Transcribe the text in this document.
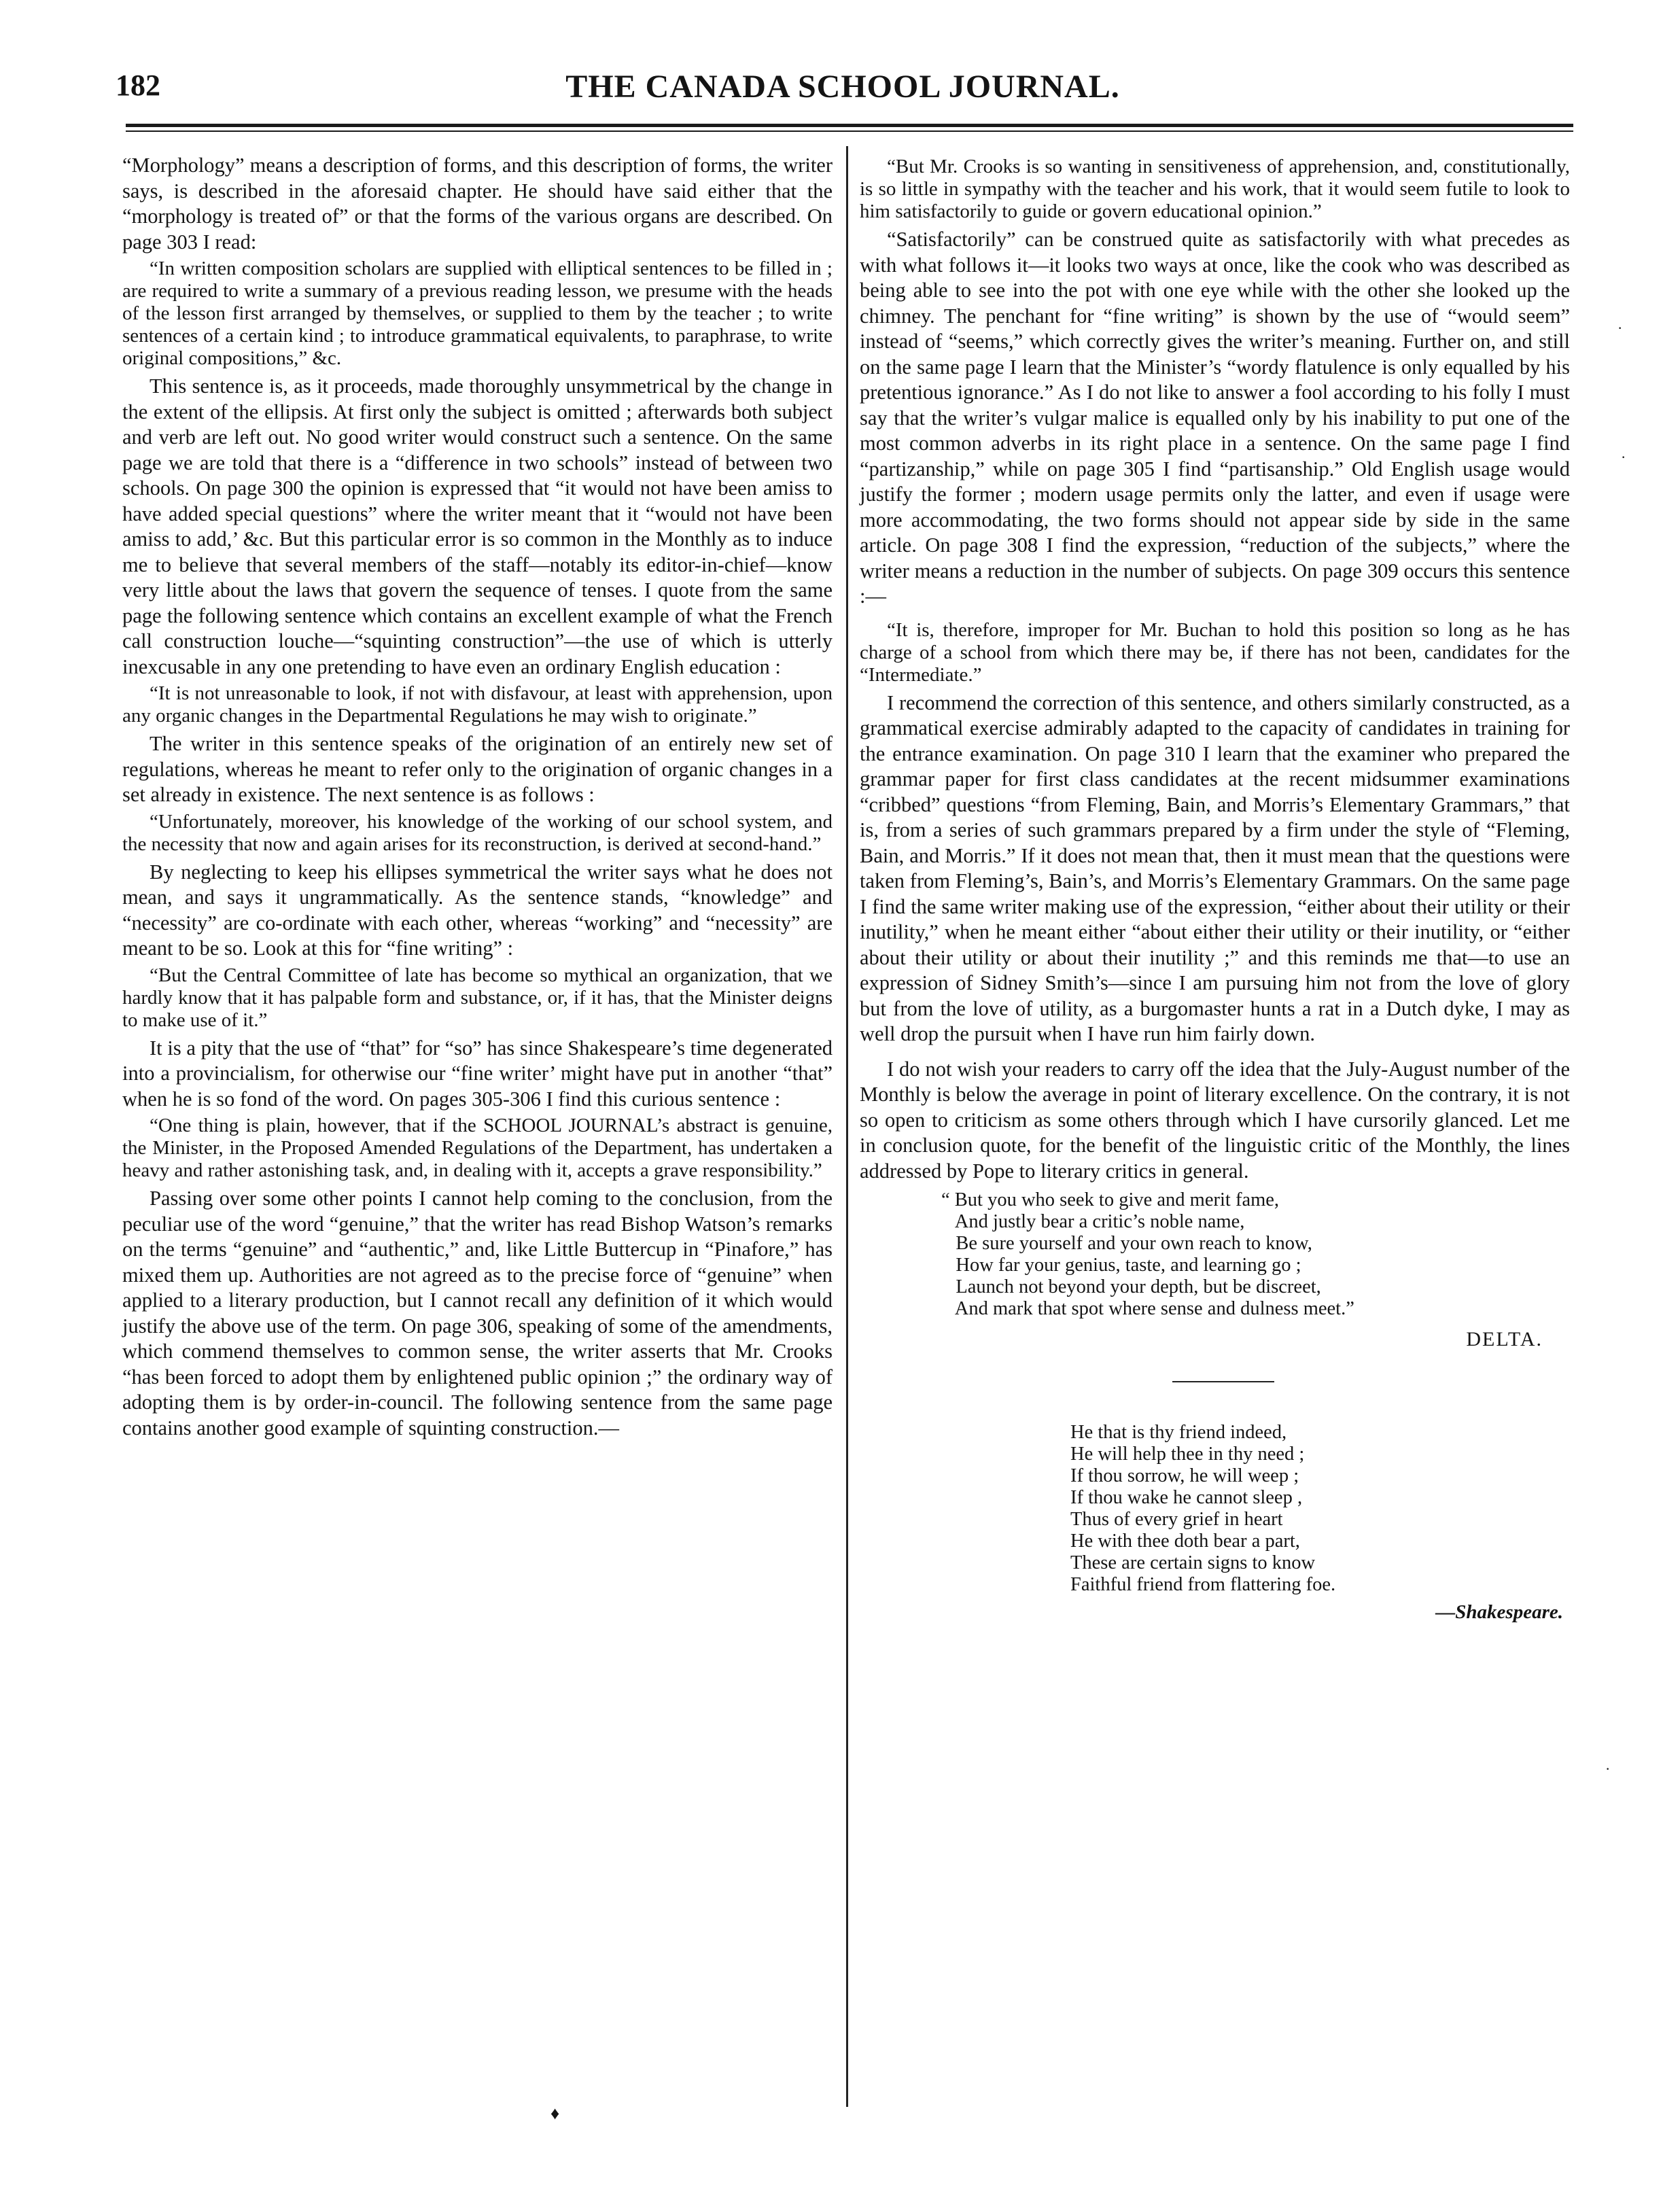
182	THE CANADA SCHOOL JOURNAL.

“Morphology” means a description of forms, and this description of forms, the writer says, is described in the aforesaid chapter. He should have said either that the “morphology is treated of” or that the forms of the various organs are described. On page 303 I read:

“In written composition scholars are supplied with elliptical sentences to be filled in ; are required to write a summary of a previous reading lesson, we presume with the heads of the lesson first arranged by themselves, or supplied to them by the teacher ; to write sentences of a certain kind ; to introduce grammatical equivalents, to paraphrase, to write original compositions,” &c.

This sentence is, as it proceeds, made thoroughly unsymmetrical by the change in the extent of the ellipsis. At first only the subject is omitted ; afterwards both subject and verb are left out. No good writer would construct such a sentence. On the same page we are told that there is a “difference in two schools” instead of between two schools. On page 300 the opinion is expressed that “it would not have been amiss to have added special questions” where the writer meant that it “would not have been amiss to add,’ &c. But this particular error is so common in the Monthly as to induce me to believe that several members of the staff—notably its editor-in-chief—know very little about the laws that govern the sequence of tenses. I quote from the same page the following sentence which contains an excellent example of what the French call construction louche—“squinting construction”—the use of which is utterly inexcusable in any one pretending to have even an ordinary English education :

“It is not unreasonable to look, if not with disfavour, at least with apprehension, upon any organic changes in the Departmental Regulations he may wish to originate.”

The writer in this sentence speaks of the origination of an entirely new set of regulations, whereas he meant to refer only to the origination of organic changes in a set already in existence. The next sentence is as follows :

“Unfortunately, moreover, his knowledge of the working of our school system, and the necessity that now and again arises for its reconstruction, is derived at second-hand.”

By neglecting to keep his ellipses symmetrical the writer says what he does not mean, and says it ungrammatically. As the sentence stands, “knowledge” and “necessity” are co-ordinate with each other, whereas “working” and “necessity” are meant to be so. Look at this for “fine writing” :

“But the Central Committee of late has become so mythical an organization, that we hardly know that it has palpable form and substance, or, if it has, that the Minister deigns to make use of it.”

It is a pity that the use of “that” for “so” has since Shakespeare’s time degenerated into a provincialism, for otherwise our “fine writer’ might have put in another “that” when he is so fond of the word. On pages 305-306 I find this curious sentence :

“One thing is plain, however, that if the SCHOOL JOURNAL’s abstract is genuine, the Minister, in the Proposed Amended Regulations of the Department, has undertaken a heavy and rather astonishing task, and, in dealing with it, accepts a grave responsibility.”

Passing over some other points I cannot help coming to the conclusion, from the peculiar use of the word “genuine,” that the writer has read Bishop Watson’s remarks on the terms “genuine” and “authentic,” and, like Little Buttercup in “Pinafore,” has mixed them up. Authorities are not agreed as to the precise force of “genuine” when applied to a literary production, but I cannot recall any definition of it which would justify the above use of the term. On page 306, speaking of some of the amendments, which commend themselves to common sense, the writer asserts that Mr. Crooks “has been forced to adopt them by enlightened public opinion ;” the ordinary way of adopting them is by order-in-council. The following sentence from the same page contains another good example of squinting construction.—

“But Mr. Crooks is so wanting in sensitiveness of apprehension, and, constitutionally, is so little in sympathy with the teacher and his work, that it would seem futile to look to him satisfactorily to guide or govern educational opinion.”

“Satisfactorily” can be construed quite as satisfactorily with what precedes as with what follows it—it looks two ways at once, like the cook who was described as being able to see into the pot with one eye while with the other she looked up the chimney. The penchant for “fine writing” is shown by the use of “would seem” instead of “seems,” which correctly gives the writer’s meaning. Further on, and still on the same page I learn that the Minister’s “wordy flatulence is only equalled by his pretentious ignorance.” As I do not like to answer a fool according to his folly I must say that the writer’s vulgar malice is equalled only by his inability to put one of the most common adverbs in its right place in a sentence. On the same page I find “partizanship,” while on page 305 I find “partisanship.” Old English usage would justify the former ; modern usage permits only the latter, and even if usage were more accommodating, the two forms should not appear side by side in the same article. On page 308 I find the expression, “reduction of the subjects,” where the writer means a reduction in the number of subjects. On page 309 occurs this sentence :—

“It is, therefore, improper for Mr. Buchan to hold this position so long as he has charge of a school from which there may be, if there has not been, candidates for the “Intermediate.”

I recommend the correction of this sentence, and others similarly constructed, as a grammatical exercise admirably adapted to the capacity of candidates in training for the entrance examination. On page 310 I learn that the examiner who prepared the grammar paper for first class candidates at the recent midsummer examinations “cribbed” questions “from Fleming, Bain, and Morris’s Elementary Grammars,” that is, from a series of such grammars prepared by a firm under the style of “Fleming, Bain, and Morris.” If it does not mean that, then it must mean that the questions were taken from Fleming’s, Bain’s, and Morris’s Elementary Grammars. On the same page I find the same writer making use of the expression, “either about their utility or their inutility,” when he meant either “about either their utility or their inutility, or “either about their utility or about their inutility ;” and this reminds me that—to use an expression of Sidney Smith’s—since I am pursuing him not from the love of glory but from the love of utility, as a burgomaster hunts a rat in a Dutch dyke, I may as well drop the pursuit when I have run him fairly down.

I do not wish your readers to carry off the idea that the July-August number of the Monthly is below the average in point of literary excellence. On the contrary, it is not so open to criticism as some others through which I have cursorily glanced. Let me in conclusion quote, for the benefit of the linguistic critic of the Monthly, the lines addressed by Pope to literary critics in general.

“ But you who seek to give and merit fame,
And justly bear a critic’s noble name,
Be sure yourself and your own reach to know,
How far your genius, taste, and learning go ;
Launch not beyond your depth, but be discreet,
And mark that spot where sense and dulness meet.”
DELTA.
He that is thy friend indeed,
He will help thee in thy need ;
If thou sorrow, he will weep ;
If thou wake he cannot sleep ,
Thus of every grief in heart
He with thee doth bear a part,
These are certain signs to know
Faithful friend from flattering foe.
—Shakespeare.
♦
·
·
·
